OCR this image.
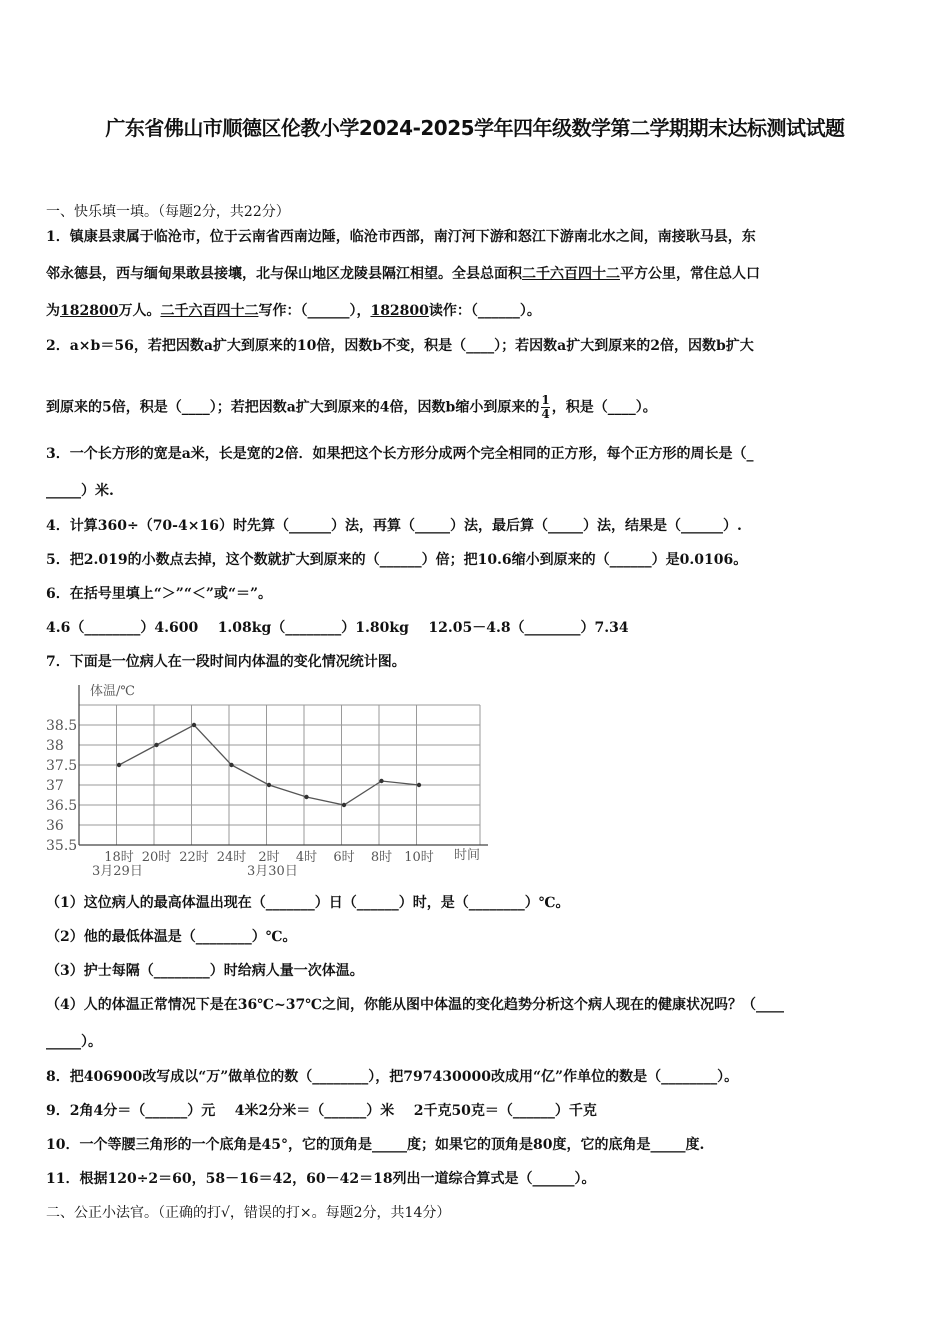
广东省佛山市顺德区伦教小学2024-2025学年四年级数学第二学期期末达标测试试题
一、快乐填一填。（每题2分，共22分）
1．镇康县隶属于临沧市，位于云南省西南边陲，临沧市西部，南汀河下游和怒江下游南北水之间，南接耿马县，东
邻永德县，西与缅甸果敢县接壤，北与保山地区龙陵县隔江相望。全县总面积二千六百四十二平方公里，常住总人口
为182800万人。二千六百四十二写作：（______），182800读作：（______）。
2．a×b＝56，若把因数a扩大到原来的10倍，因数b不变，积是（____）；若因数a扩大到原来的2倍，因数b扩大
到原来的5倍，积是（____）；若把因数a扩大到原来的4倍，因数b缩小到原来的 $\frac{1}{4}$ ，积是（____）。
3．一个长方形的宽是a米，长是宽的2倍．如果把这个长方形分成两个完全相同的正方形，每个正方形的周长是（_
_____）米.
4．计算360÷（70-4×16）时先算（______）法，再算（_____）法，最后算（_____）法，结果是（______）.
5．把2.019的小数点去掉，这个数就扩大到原来的（______）倍；把10.6缩小到原来的（______）是0.0106。
6．在括号里填上“＞”“＜”或“＝”。
4.6（________）4.600    1.08kg（________）1.80kg    12.05－4.8（________）7.34
7．下面是一位病人在一段时间内体温的变化情况统计图。
35.5
36
36.5
37
37.5
38
38.5
18时 20时 22时 24时 2时 4时 6时 8时 10时
体温/℃
时间
3月29日	3月30日
（1）这位病人的最高体温出现在（_______）日（______）时，是（________）℃。
（2）他的最低体温是（________）℃。
（3）护士每隔（________）时给病人量一次体温。
（4）人的体温正常情况下是在36℃~37℃之间，你能从图中体温的变化趋势分析这个病人现在的健康状况吗？（____
_____）。
8．把406900改写成以“万”做单位的数（________），把797430000改成用“亿”作单位的数是（________）。
9．2角4分＝（______）元    4米2分米＝（______）米    2千克50克＝（______）千克
10．一个等腰三角形的一个底角是45°，它的顶角是_____度；如果它的顶角是80度，它的底角是_____度.
11．根据120÷2＝60，58－16＝42，60－42＝18列出一道综合算式是（______）。
二、公正小法官。（正确的打√，错误的打×。每题2分，共14分）
